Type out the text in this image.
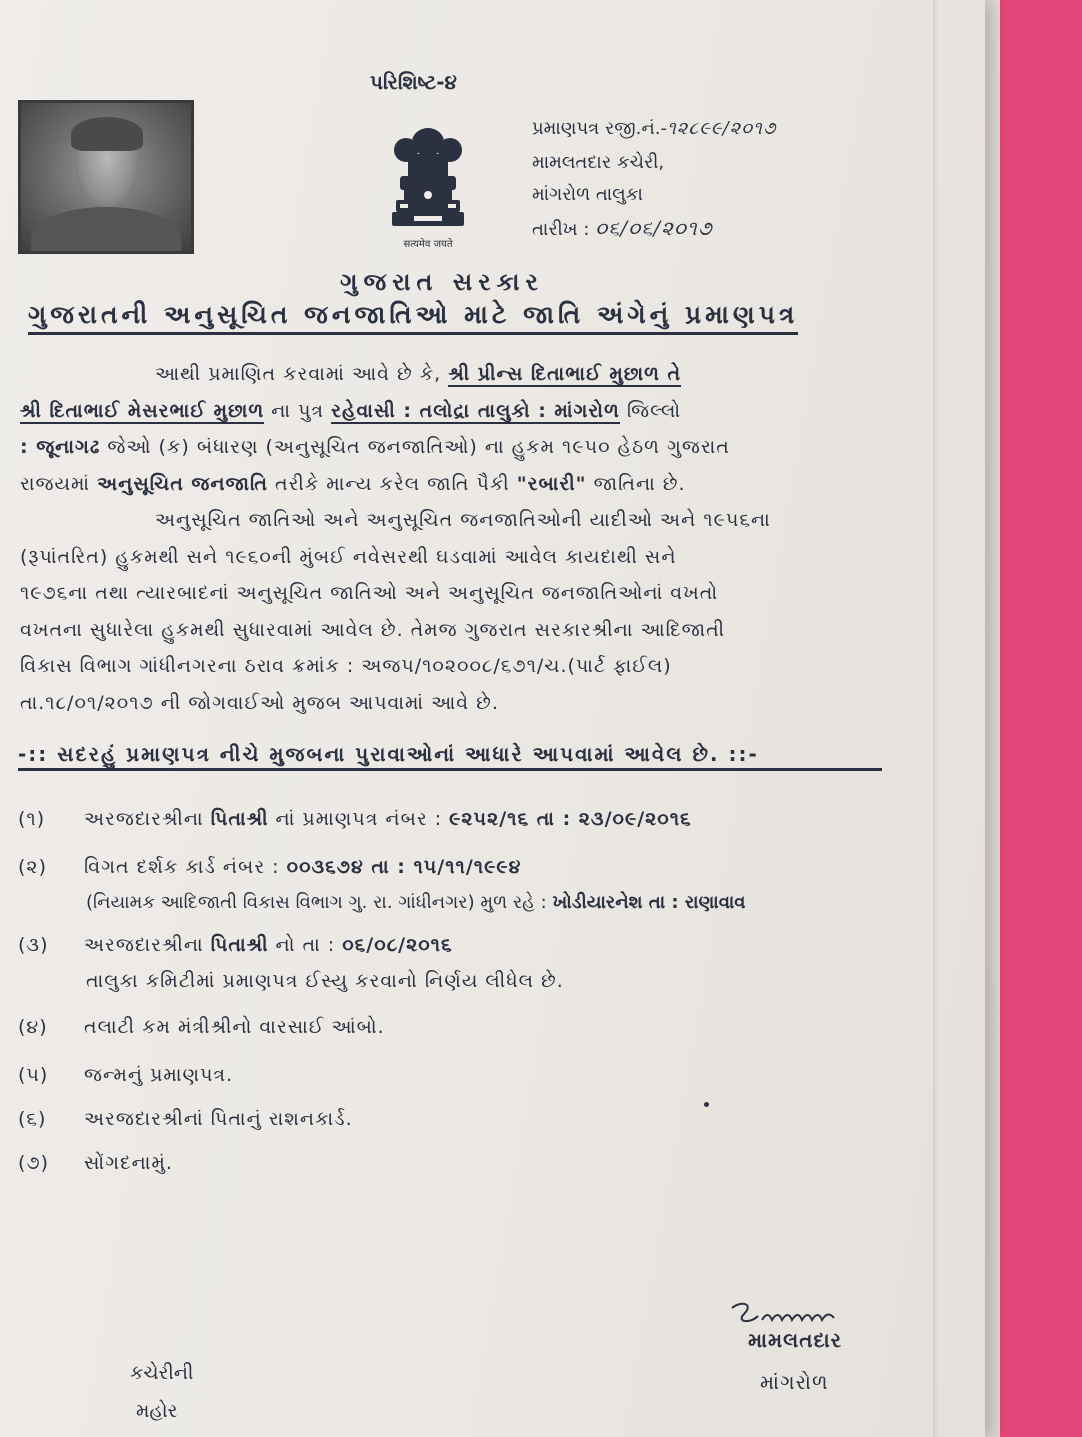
પરિશિષ્ટ-૪
सत्यमेव जयते
પ્રમાણપત્ર રજી.નં.-૧૨૮૯૯/૨૦૧૭
મામલતદાર કચેરી,
માંગરોળ તાલુકા
તારીખ : ૦૬/૦૬/૨૦૧૭
ગુજરાત સરકાર
ગુજરાતની અનુસૂચિત જનજાતિઓ માટે જાતિ અંગેનું પ્રમાણપત્ર

આથી પ્રમાણિત કરવામાં આવે છે કે, શ્રી પ્રીન્સ દિતાભાઈ મુછાળ તે

શ્રી દિતાભાઈ મેસરભાઈ મુછાળ ના પુત્ર રહેવાસી : તલોદ્રા તાલુકો : માંગરોળ જિલ્લો

: જૂનાગઢ જેઓ (ક) બંધારણ (અનુસૂચિત જનજાતિઓ) ના હુકમ ૧૯૫૦ હેઠળ ગુજરાત

રાજયમાં અનુસૂચિત જનજાતિ તરીકે માન્ય કરેલ જાતિ પૈકી "રબારી" જાતિના છે.

અનુસૂચિત જાતિઓ અને અનુસૂચિત જનજાતિઓની યાદીઓ અને ૧૯૫૬ના

(રૂપાંતરિત) હુકમથી સને ૧૯૬૦ની મુંબઈ નવેસરથી ઘડવામાં આવેલ કાયદાથી સને

૧૯૭૬ના તથા ત્યારબાદનાં અનુસૂચિત જાતિઓ અને અનુસૂચિત જનજાતિઓનાં વખતો

વખતના સુધારેલા હુકમથી સુધારવામાં આવેલ છે. તેમજ ગુજરાત સરકારશ્રીના આદિજાતી

વિકાસ વિભાગ ગાંધીનગરના ઠરાવ ક્રમાંક : અજપ/૧૦૨૦૦૮/૬૭૧/ચ.(પાર્ટ ફાઈલ)

તા.૧૮/૦૧/૨૦૧૭ ની જોગવાઈઓ મુજબ આપવામાં આવે છે.

-:: સદરહું પ્રમાણપત્ર નીચે મુજબના પુરાવાઓનાં આધારે આપવામાં આવેલ છે. ::-
(૧) અરજદારશ્રીના પિતાશ્રી નાં પ્રમાણપત્ર નંબર : ૯૨૫૨/૧૬ તા : ૨૩/૦૯/૨૦૧૬
(૨) વિગત દર્શક કાર્ડ નંબર : ૦૦૩૬૭૪ તા : ૧૫/૧૧/૧૯૯૪
(નિયામક આદિજાતી વિકાસ વિભાગ ગુ. રા. ગાંધીનગર) મુળ રહે : ખોડીયારનેશ તા : રાણાવાવ
(૩) અરજદારશ્રીના પિતાશ્રી નો તા : ૦૬/૦૮/૨૦૧૬
તાલુકા કમિટીમાં પ્રમાણપત્ર ઈસ્યુ કરવાનો નિર્ણય લીધેલ છે.
(૪) તલાટી કમ મંત્રીશ્રીનો વારસાઈ આંબો.
(૫) જન્મનું પ્રમાણપત્ર.
(૬) અરજદારશ્રીનાં પિતાનું રાશનકાર્ડ.
(૭) સોંગદનામું.
મામલતદાર
માંગરોળ
કચેરીની
મહોર
